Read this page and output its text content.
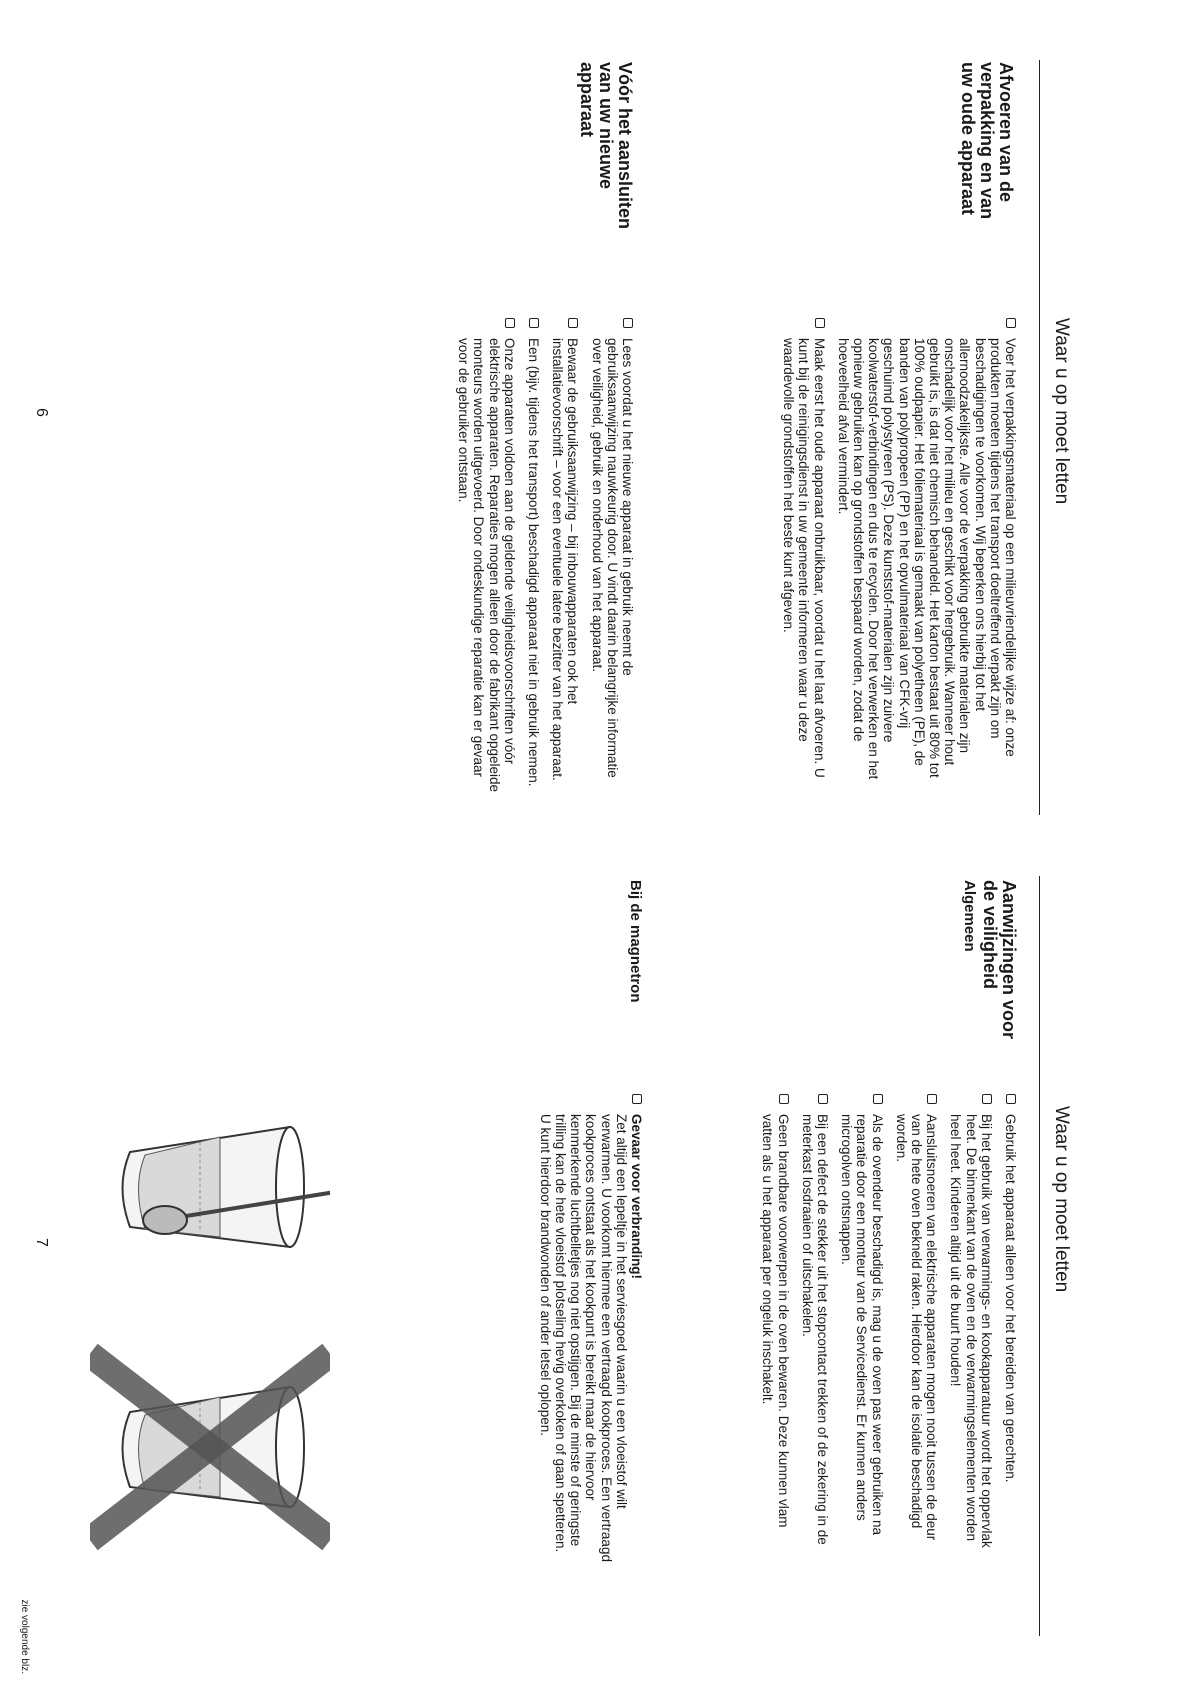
Waar u op moet letten
Afvoeren van de verpakking en van uw oude apparaat

Voer het verpakkingsmateriaal op een milieuvriendelijke wijze af: onze produkten moeten tijdens het transport doeltreffend verpakt zijn om beschadigingen te voorkomen. Wij beperken ons hierbij tot het allernoodzakelijkste. Alle voor de verpakking gebruikte materialen zijn onschadelijk voor het milieu en geschikt voor hergebruik. Wanneer hout gebruikt is, is dat niet chemisch behandeld. Het karton bestaat uit 80% tot 100% oudpapier. Het foliemateriaal is gemaakt van polyetheen (PE), de banden van polypropeen (PP) en het opvulmateriaal van CFK-vrij geschuimd polystyreen (PS). Deze kunststof-materialen zijn zuivere koolwaterstof-verbindingen en dus te recyclen. Door het verwerken en het opnieuw gebruiken kan op grondstoffen bespaard worden, zodat de hoeveelheid afval vermindert.

Maak eerst het oude apparaat onbruikbaar, voordat u het laat afvoeren. U kunt bij de reinigingsdienst in uw gemeente informeren waar u deze waardevolle grondstoffen het beste kunt afgeven.

Vóór het aansluiten van uw nieuwe apparaat

Lees voordat u het nieuwe apparaat in gebruik neemt de gebruiksaanwijzing nauwkeurig door. U vindt daarin belangrijke informatie over veiligheid, gebruik en onderhoud van het apparaat.

Bewaar de gebruiksaanwijzing – bij inbouwapparaten ook het installatievoorschrift – voor een eventuele latere bezitter van het apparaat.

Een (bijv. tijdens het transport) beschadigd apparaat niet in gebruik nemen.

Onze apparaten voldoen aan de geldende veiligheidsvoorschriften vóór elektrische apparaten. Reparaties mogen alleen door de fabrikant opgeleide monteurs worden uitgevoerd. Door ondeskundige reparatie kan er gevaar voor de gebruiker ontstaan.

6
Waar u op moet letten
Aanwijzingen voor de veiligheid
Algemeen

Gebruik het apparaat alleen voor het bereiden van gerechten.

Bij het gebruik van verwarmings- en kookapparatuur wordt het oppervlak heet. De binnenkant van de oven en de verwarmingselementen worden heel heet. Kinderen altijd uit de buurt houden!

Aansluitsnoeren van elektrische apparaten mogen nooit tussen de deur van de hete oven bekneld raken. Hierdoor kan de isolatie beschadigd worden.

Als de ovendeur beschadigd is, mag u de oven pas weer gebruiken na reparatie door een monteur van de Servicedienst. Er kunnen anders microgolven ontsnappen.

Bij een defect de stekker uit het stopcontact trekken of de zekering in de meterkast losdraaien of uitschakelen.

Geen brandbare voorwerpen in de oven bewaren. Deze kunnen vlam vatten als u het apparaat per ongeluk inschakelt.

Bij de magnetron

Gevaar voor verbranding!
Zet altijd een lepeltje in het serviesgoed waarin u een vloeistof wilt verwarmen. U voorkomt hiermee een vertraagd kookproces. Een vertraagd kookproces ontstaat als het kookpunt is bereikt maar de hiervoor kenmerkende luchtbelletjes nog niet opstijgen. Bij de minste of geringste trilling kan de hete vloeistof plotseling hevig overkoken of gaan spetteren. U kunt hierdoor brandwonden of ander letsel oplopen.

7
zie volgende blz.
